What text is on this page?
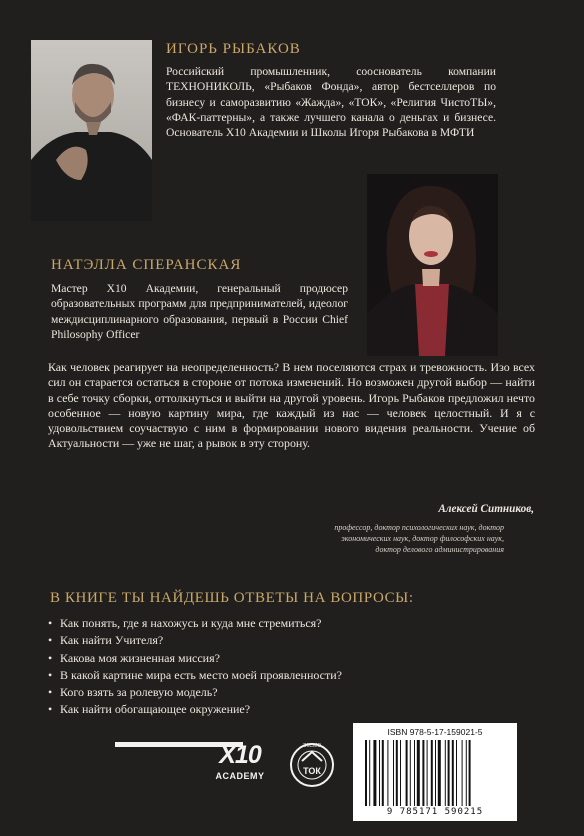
ИГОРЬ РЫБАКОВ
Российский промышленник, сооснователь компании ТЕХНОНИКОЛЬ, «Рыбаков Фонда», автор бестселлеров по бизнесу и саморазвитию «Жажда», «ТОК», «Религия ЧистоТЫ», «ФАК-паттерны», а также лучшего канала о деньгах и бизнесе. Основатель X10 Академии и Школы Игоря Рыбакова в МФТИ
НАТЭЛЛА СПЕРАНСКАЯ
Мастер X10 Академии, генеральный продюсер образовательных программ для предпринимателей, идеолог междисциплинарного образования, первый в России Chief Philosophy Officer
Как человек реагирует на неопределенность? В нем поселяются страх и тревожность. Изо всех сил он старается остаться в стороне от потока изменений. Но возможен другой выбор — найти в себе точку сборки, оттолкнуться и выйти на другой уровень. Игорь Рыбаков предложил нечто особенное — новую картину мира, где каждый из нас — человек целостный. И я с удовольствием соучаствую с ним в формировании нового видения реальности. Учение об Актуальности — уже не шаг, а рывок в эту сторону.
Алексей Ситников,
профессор, доктор психологических наук, доктор экономических наук, доктор философских наук, доктор делового администрирования
В КНИГЕ ТЫ НАЙДЕШЬ ОТВЕТЫ НА ВОПРОСЫ:
• Как понять, где я нахожусь и куда мне стремиться?
• Как найти Учителя?
• Какова моя жизненная миссия?
• В какой картине мира есть место моей проявленности?
• Кого взять за ролевую модель?
• Как найти обогащающее окружение?
X10
ACADEMY	ТОК
ЭКСМО
ISBN 978-5-17-159021-5
9 785171 590215
